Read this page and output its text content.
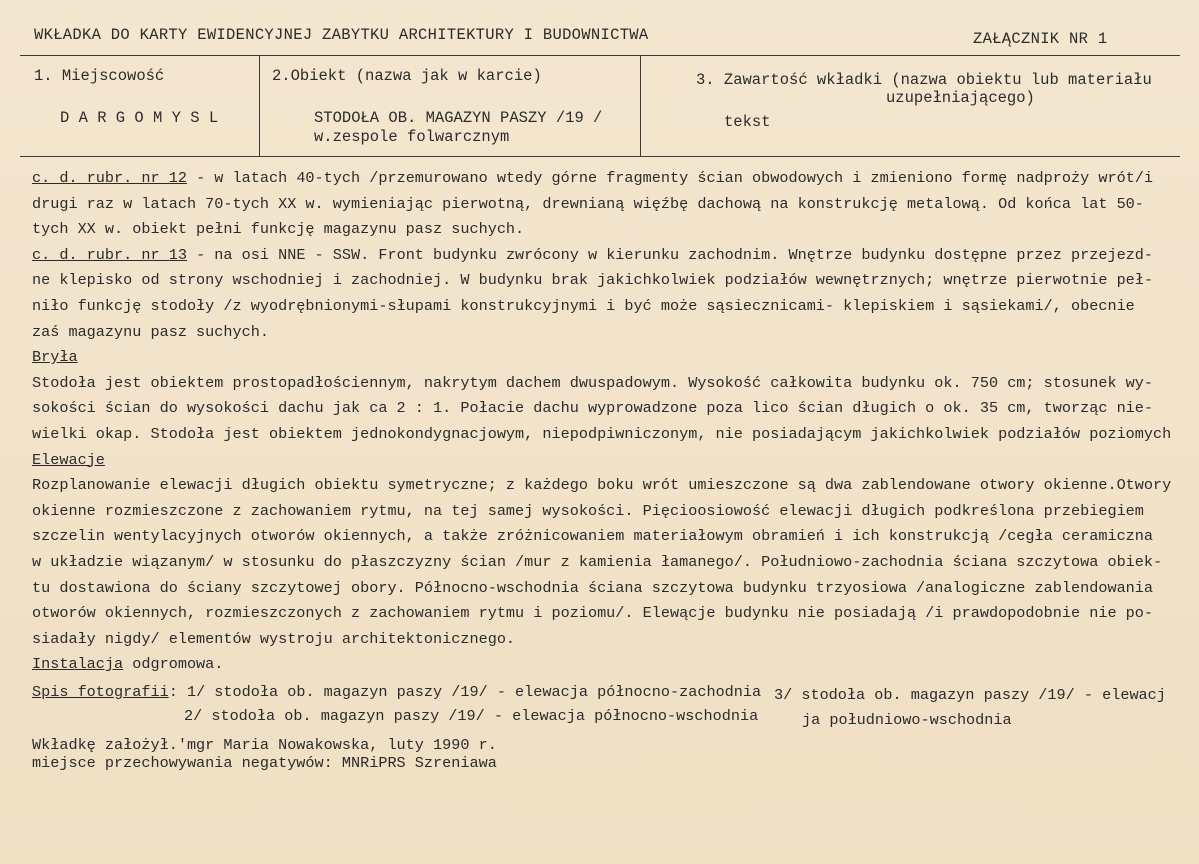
WKŁADKA DO KARTY EWIDENCYJNEJ ZABYTKU ARCHITEKTURY I BUDOWNICTWA	ZAŁĄCZNIK NR 1
1. Miejscowość
D A R G O M Y S L
2.Obiekt (nazwa jak w karcie)
STODOŁA OB. MAGAZYN PASZY /19 /
w.zespole folwarcznym
3. Zawartość wkładki (nazwa obiektu lub materiału
uzupełniającego)
tekst

c. d. rubr. nr 12 - w latach 40-tych /przemurowano wtedy górne fragmenty ścian obwodowych i zmieniono formę nadproży wrót/i

drugi raz w latach 70-tych XX w. wymieniając pierwotną, drewnianą więźbę dachową na konstrukcję metalową. Od końca lat 50-

tych XX w. obiekt pełni funkcję magazynu pasz suchych.

c. d. rubr. nr 13 - na osi NNE - SSW. Front budynku zwrócony w kierunku zachodnim. Wnętrze budynku dostępne przez przejezd-

ne klepisko od strony wschodniej i zachodniej. W budynku brak jakichkolwiek podziałów wewnętrznych; wnętrze pierwotnie peł-

niło funkcję stodoły /z wyodrębnionymi-słupami konstrukcyjnymi i być może sąsiecznicami- klepiskiem i sąsiekami/, obecnie

zaś magazynu pasz suchych.

Bryła

Stodoła jest obiektem prostopadłościennym, nakrytym dachem dwuspadowym. Wysokość całkowita budynku ok. 750 cm; stosunek wy-

sokości ścian do wysokości dachu jak ca 2 : 1. Połacie dachu wyprowadzone poza lico ścian długich o ok. 35 cm, tworząc nie-

wielki okap. Stodoła jest obiektem jednokondygnacjowym, niepodpiwniczonym, nie posiadającym jakichkolwiek podziałów poziomych

Elewacje

Rozplanowanie elewacji długich obiektu symetryczne; z każdego boku wrót umieszczone są dwa zablendowane otwory okienne.Otwory

okienne rozmieszczone z zachowaniem rytmu, na tej samej wysokości. Pięcioosiowość elewacji długich podkreślona przebiegiem

szczelin wentylacyjnych otworów okiennych, a także zróżnicowaniem materiałowym obramień i ich konstrukcją /cegła ceramiczna

w układzie wiązanym/ w stosunku do płaszczyzny ścian /mur z kamienia łamanego/. Południowo-zachodnia ściana szczytowa obiek-

tu dostawiona do ściany szczytowej obory. Północno-wschodnia ściana szczytowa budynku trzyosiowa /analogiczne zablendowania

otworów okiennych, rozmieszczonych z zachowaniem rytmu i poziomu/. Elewącje budynku nie posiadają /i prawdopodobnie nie po-

siadały nigdy/ elementów wystroju architektonicznego.

Instalacja odgromowa.

Spis fotografii: 1/ stodoła ob. magazyn paszy /19/ - elewacja północno-zachodnia
2/ stodoła ob. magazyn paszy /19/ - elewacja północno-wschodnia
3/ stodoła ob. magazyn paszy /19/ - elewacj
ja południowo-wschodnia
Wkładkę założył.'mgr Maria Nowakowska, luty 1990 r.
miejsce przechowywania negatywów: MNRiPRS Szreniawa
